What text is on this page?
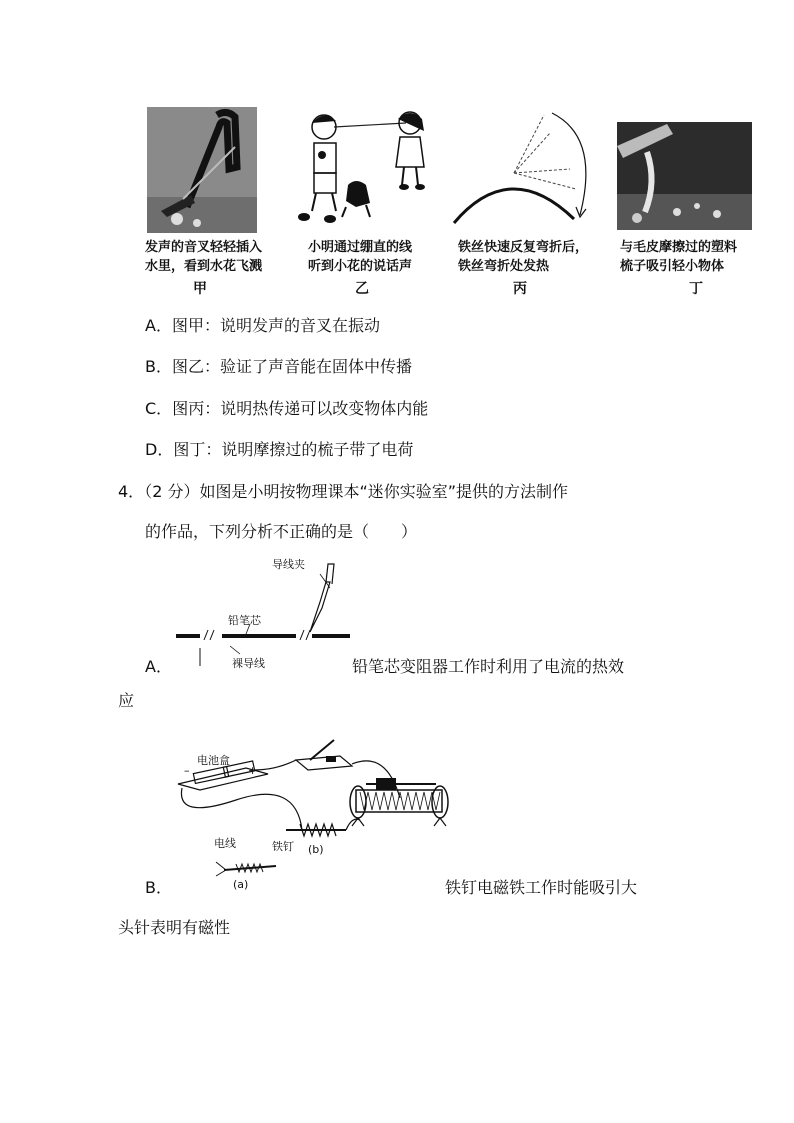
发声的音叉轻轻插入
水里，看到水花飞溅
小明通过绷直的线
听到小花的说话声
铁丝快速反复弯折后，
铁丝弯折处发热
与毛皮摩擦过的塑料
梳子吸引轻小物体
甲	乙	丙	丁
A．图甲：说明发声的音叉在振动
B．图乙：验证了声音能在固体中传播
C．图丙：说明热传递可以改变物体内能
D．图丁：说明摩擦过的梳子带了电荷
4．（2 分）如图是小明按物理课本“迷你实验室”提供的方法制作
的作品，下列分析不正确的是（　　）
导线夹
铅笔芯
裸导线
A．	铅笔芯变阻器工作时利用了电流的热效
应
电池盒
–	+
电线	铁钉 (b)
(a)
B．	铁钉电磁铁工作时能吸引大
头针表明有磁性
